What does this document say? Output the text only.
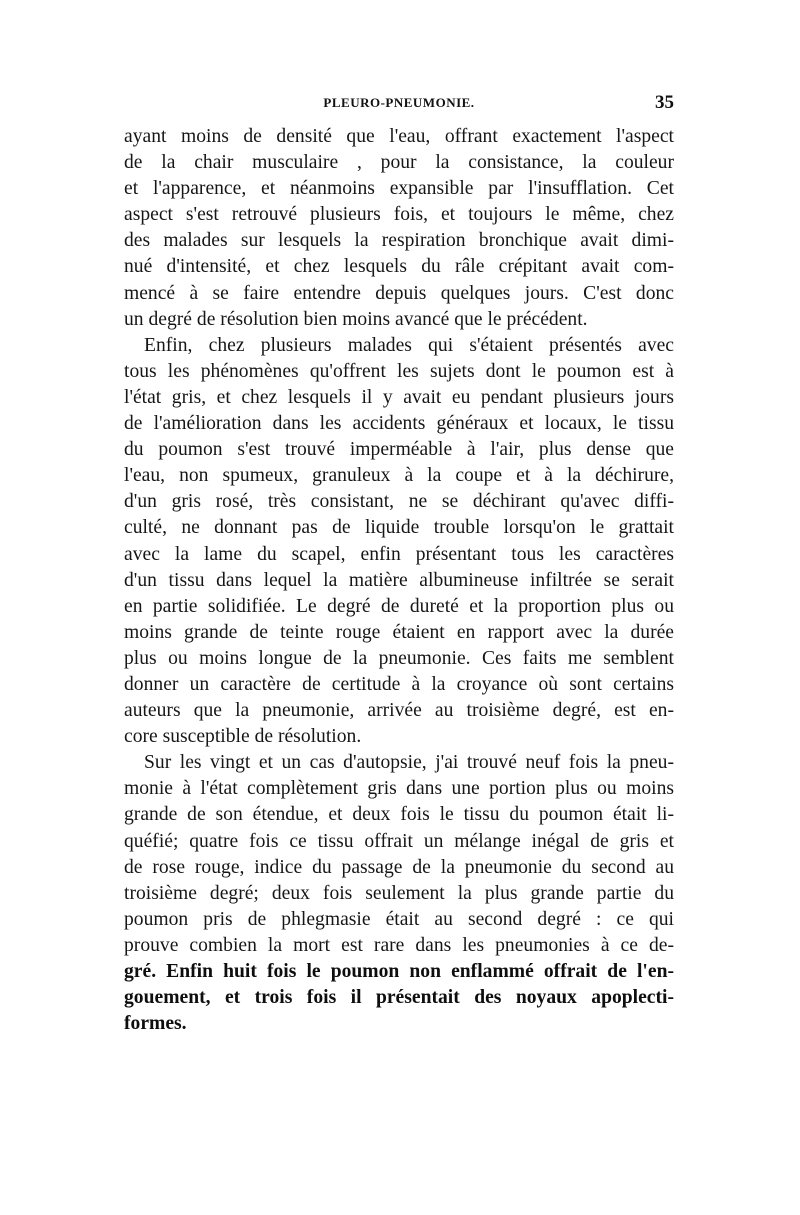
PLEURO-PNEUMONIE.	35
ayant moins de densité que l'eau, offrant exactement l'aspect
de la chair musculaire , pour la consistance, la couleur
et l'apparence, et néanmoins expansible par l'insufflation. Cet
aspect s'est retrouvé plusieurs fois, et toujours le même, chez
des malades sur lesquels la respiration bronchique avait dimi-
nué d'intensité, et chez lesquels du râle crépitant avait com-
mencé à se faire entendre depuis quelques jours. C'est donc
un degré de résolution bien moins avancé que le précédent.
Enfin, chez plusieurs malades qui s'étaient présentés avec
tous les phénomènes qu'offrent les sujets dont le poumon est à
l'état gris, et chez lesquels il y avait eu pendant plusieurs jours
de l'amélioration dans les accidents généraux et locaux, le tissu
du poumon s'est trouvé imperméable à l'air, plus dense que
l'eau, non spumeux, granuleux à la coupe et à la déchirure,
d'un gris rosé, très consistant, ne se déchirant qu'avec diffi-
culté, ne donnant pas de liquide trouble lorsqu'on le grattait
avec la lame du scapel, enfin présentant tous les caractères
d'un tissu dans lequel la matière albumineuse infiltrée se serait
en partie solidifiée. Le degré de dureté et la proportion plus ou
moins grande de teinte rouge étaient en rapport avec la durée
plus ou moins longue de la pneumonie. Ces faits me semblent
donner un caractère de certitude à la croyance où sont certains
auteurs que la pneumonie, arrivée au troisième degré, est en-
core susceptible de résolution.
Sur les vingt et un cas d'autopsie, j'ai trouvé neuf fois la pneu-
monie à l'état complètement gris dans une portion plus ou moins
grande de son étendue, et deux fois le tissu du poumon était li-
quéfié; quatre fois ce tissu offrait un mélange inégal de gris et
de rose rouge, indice du passage de la pneumonie du second au
troisième degré; deux fois seulement la plus grande partie du
poumon pris de phlegmasie était au second degré : ce qui
prouve combien la mort est rare dans les pneumonies à ce de-
gré. Enfin huit fois le poumon non enflammé offrait de l'en-
gouement, et trois fois il présentait des noyaux apoplecti-
formes.
